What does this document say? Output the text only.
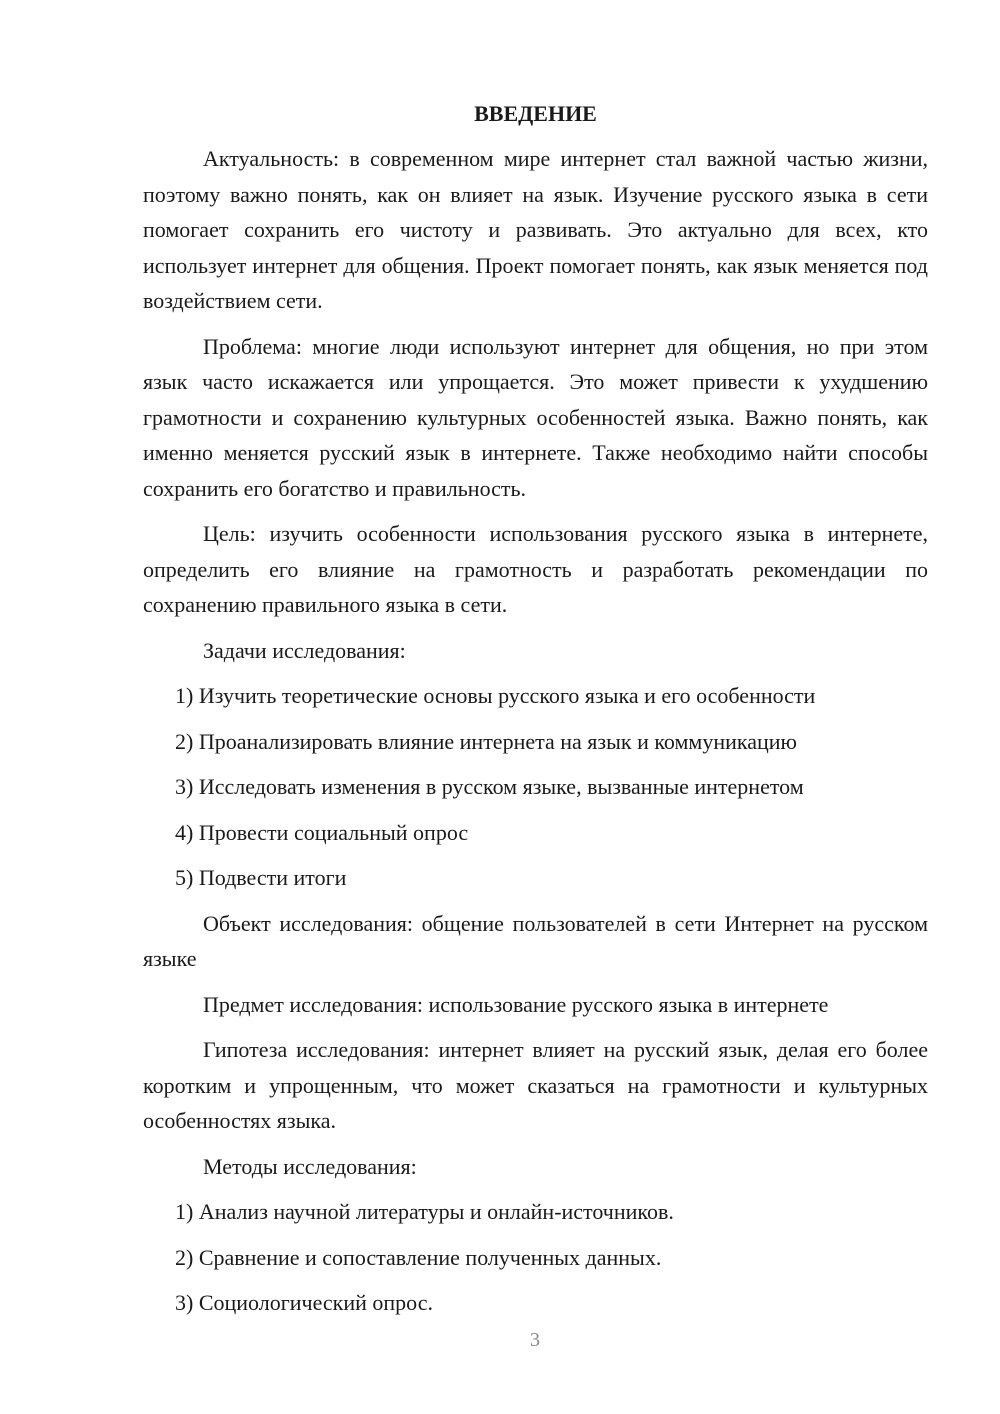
ВВЕДЕНИЕ

Актуальность: в современном мире интернет стал важной частью жизни, поэтому важно понять, как он влияет на язык. Изучение русского языка в сети помогает сохранить его чистоту и развивать. Это актуально для всех, кто использует интернет для общения. Проект помогает понять, как язык меняется под воздействием сети.

Проблема: многие люди используют интернет для общения, но при этом язык часто искажается или упрощается. Это может привести к ухудшению грамотности и сохранению культурных особенностей языка. Важно понять, как именно меняется русский язык в интернете. Также необходимо найти способы сохранить его богатство и правильность.

Цель: изучить особенности использования русского языка в интернете, определить его влияние на грамотность и разработать рекомендации по сохранению правильного языка в сети.

Задачи исследования:

1) Изучить теоретические основы русского языка и его особенности

2) Проанализировать влияние интернета на язык и коммуникацию

3) Исследовать изменения в русском языке, вызванные интернетом

4) Провести социальный опрос

5) Подвести итоги

Объект исследования: общение пользователей в сети Интернет на русском языке

Предмет исследования: использование русского языка в интернете

Гипотеза исследования: интернет влияет на русский язык, делая его более коротким и упрощенным, что может сказаться на грамотности и культурных особенностях языка.

Методы исследования:

1) Анализ научной литературы и онлайн-источников.

2) Сравнение и сопоставление полученных данных.

3) Социологический опрос.

3
